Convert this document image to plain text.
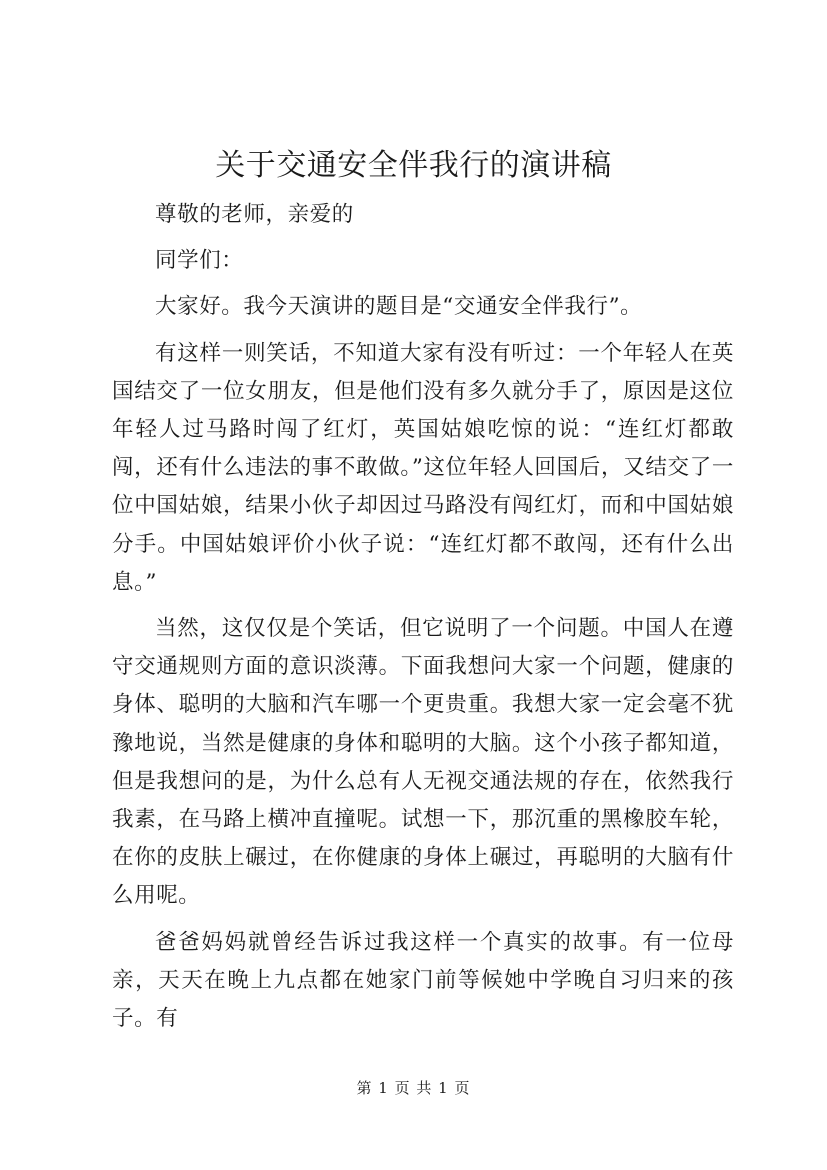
关于交通安全伴我行的演讲稿

尊敬的老师，亲爱的

同学们：

大家好。我今天演讲的题目是“交通安全伴我行”。

有这样一则笑话，不知道大家有没有听过：一个年轻人在英国结交了一位女朋友，但是他们没有多久就分手了，原因是这位年轻人过马路时闯了红灯，英国姑娘吃惊的说：“连红灯都敢闯，还有什么违法的事不敢做。”这位年轻人回国后，又结交了一位中国姑娘，结果小伙子却因过马路没有闯红灯，而和中国姑娘分手。中国姑娘评价小伙子说：“连红灯都不敢闯，还有什么出息。”

当然，这仅仅是个笑话，但它说明了一个问题。中国人在遵守交通规则方面的意识淡薄。下面我想问大家一个问题，健康的身体、聪明的大脑和汽车哪一个更贵重。我想大家一定会毫不犹豫地说，当然是健康的身体和聪明的大脑。这个小孩子都知道，但是我想问的是，为什么总有人无视交通法规的存在，依然我行我素，在马路上横冲直撞呢。试想一下，那沉重的黑橡胶车轮，在你的皮肤上碾过，在你健康的身体上碾过，再聪明的大脑有什么用呢。

爸爸妈妈就曾经告诉过我这样一个真实的故事。有一位母亲，天天在晚上九点都在她家门前等候她中学晚自习归来的孩子。有

第 1 页 共 1 页
